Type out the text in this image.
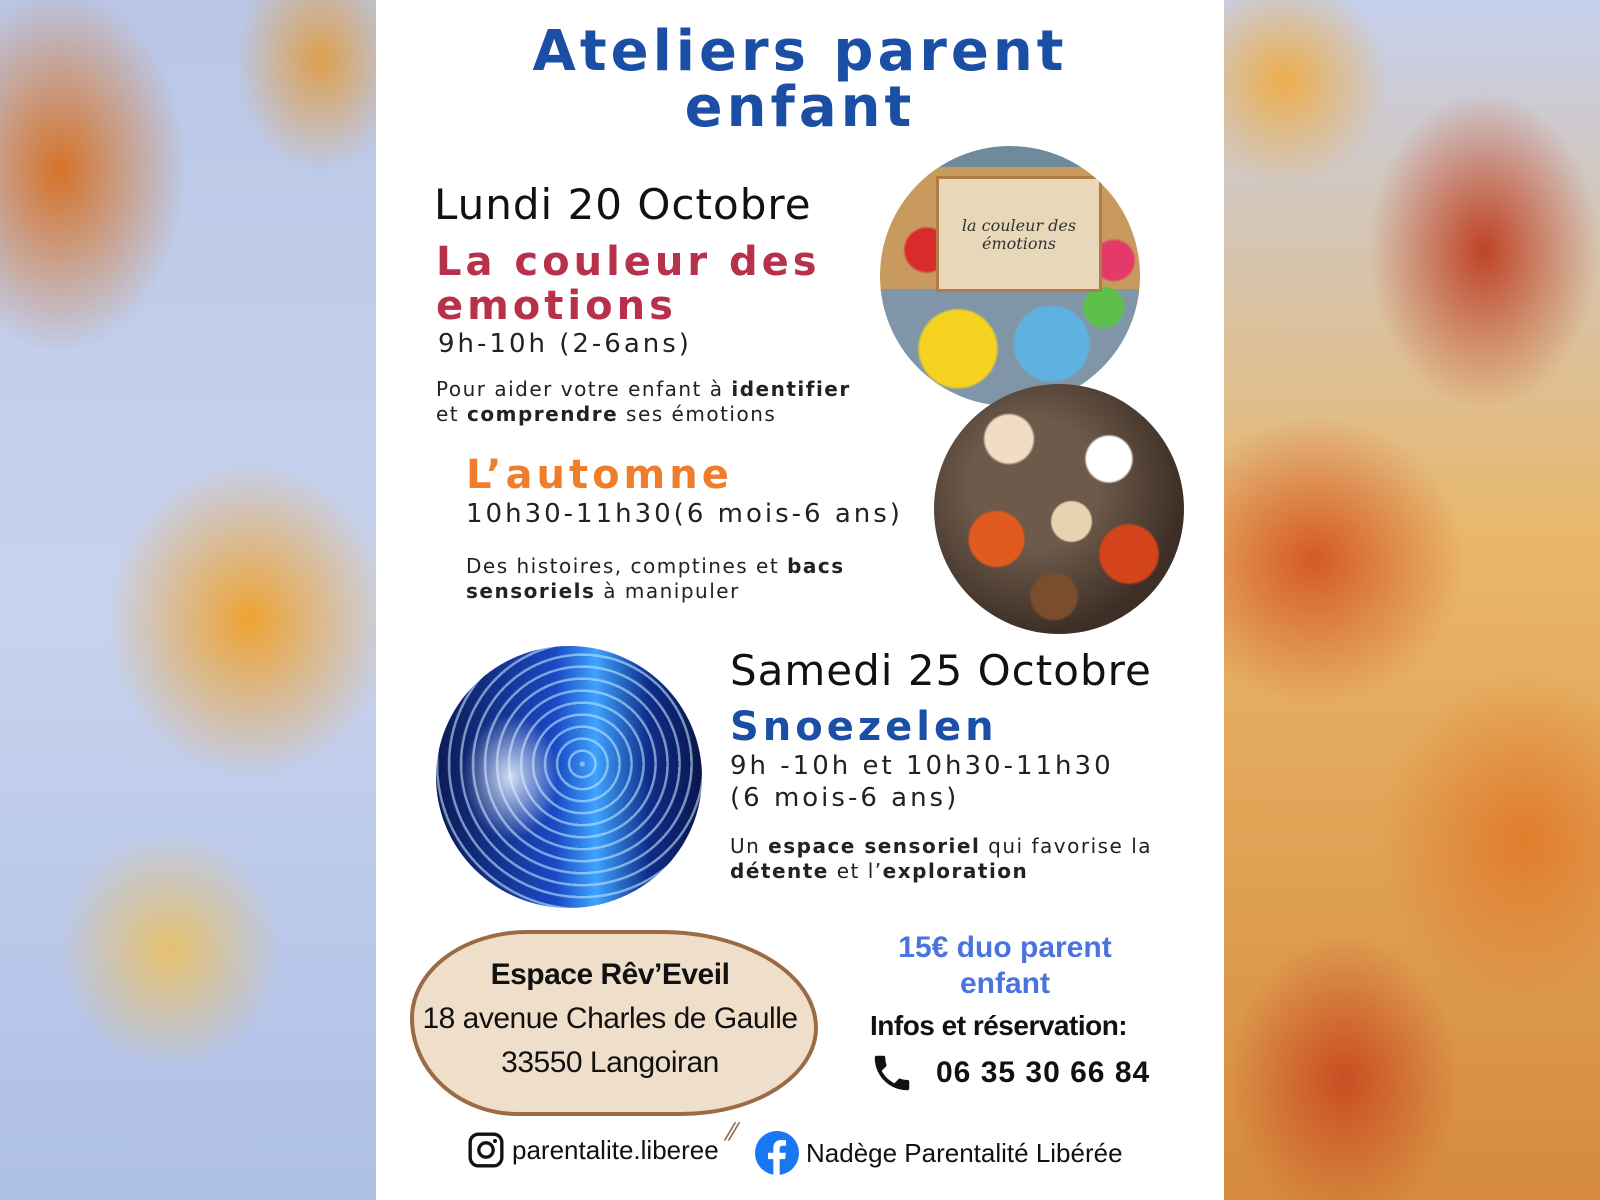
Ateliers parent
enfant
Lundi 20 Octobre
La couleur des
emotions
9h-10h (2-6ans)
Pour aider votre enfant à identifier
et comprendre ses émotions
L’automne
10h30-11h30(6 mois-6 ans)
Des histoires, comptines et bacs
sensoriels à manipuler
la couleur des émotions
Samedi 25 Octobre
Snoezelen
9h -10h et 10h30-11h30
(6 mois-6 ans)
Un espace sensoriel qui favorise la
détente et l’exploration
⁄⁄
Espace Rêv’Eveil
18 avenue Charles de Gaulle
33550 Langoiran
15€ duo parent
enfant
Infos et réservation:
06 35 30 66 84
parentalite.liberee	Nadège Parentalité Libérée
